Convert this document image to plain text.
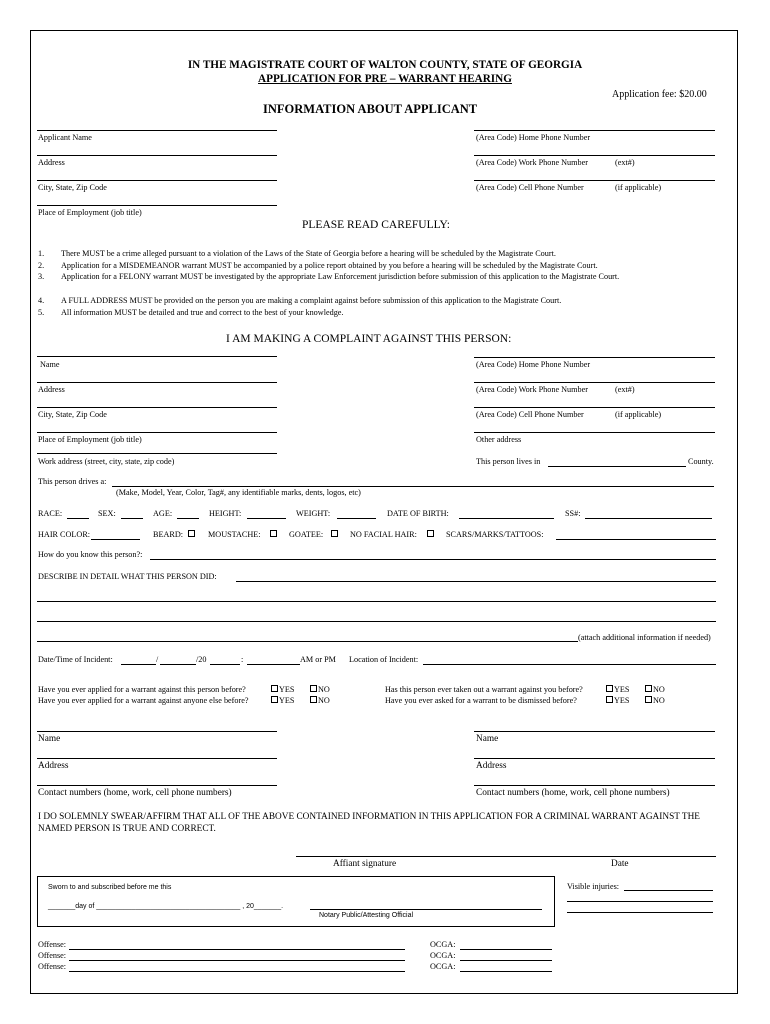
IN THE MAGISTRATE COURT OF WALTON COUNTY, STATE OF GEORGIA
APPLICATION FOR PRE – WARRANT HEARING
Application fee: $20.00
INFORMATION ABOUT APPLICANT
Applicant Name	(Area Code) Home Phone Number
Address	(Area Code) Work Phone Number	(ext#)
City, State, Zip Code	(Area Code) Cell Phone Number	(if applicable)
Place of Employment (job title)
PLEASE READ CAREFULLY:
1. There MUST be a crime alleged pursuant to a violation of the Laws of the State of Georgia before a hearing will be scheduled by the Magistrate Court.
2. Application for a MISDEMEANOR warrant MUST be accompanied by a police report obtained by you before a hearing will be scheduled by the Magistrate Court.
3. Application for a FELONY warrant MUST be investigated by the appropriate Law Enforcement jurisdiction before submission of this application to the Magistrate Court.
4. A FULL ADDRESS MUST be provided on the person you are making a complaint against before submission of this application to the Magistrate Court.
5. All information MUST be detailed and true and correct to the best of your knowledge.
I AM MAKING A COMPLAINT AGAINST THIS PERSON:
Name	(Area Code) Home Phone Number
Address	(Area Code) Work Phone Number	(ext#)
City, State, Zip Code	(Area Code) Cell Phone Number	(if applicable)
Place of Employment (job title)	Other address
Work address (street, city, state, zip code)	This person lives in	County.
This person drives a:
(Make, Model, Year, Color, Tag#, any identifiable marks, dents, logos, etc)
RACE:	SEX:	AGE:	HEIGHT:	WEIGHT:	DATE OF BIRTH:	SS#:
HAIR COLOR:	BEARD:	MOUSTACHE:	GOATEE:	NO FACIAL HAIR:	SCARS/MARKS/TATTOOS:
How do you know this person?:
DESCRIBE IN DETAIL WHAT THIS PERSON DID:
(attach additional information if needed)
Date/Time of Incident:	/	/20	:	AM or PM Location of Incident:
Have you ever applied for a warrant against this person before?	YES	NO
Have you ever applied for a warrant against anyone else before?	YES	NO
Has this person ever taken out a warrant against you before?	YES	NO
Have you ever asked for a warrant to be dismissed before?	YES	NO
Name	Name
Address	Address
Contact numbers (home, work, cell phone numbers)	Contact numbers (home, work, cell phone numbers)
I DO SOLEMNLY SWEAR/AFFIRM THAT ALL OF THE ABOVE CONTAINED INFORMATION IN THIS APPLICATION FOR A CRIMINAL WARRANT AGAINST THE NAMED PERSON IS TRUE AND CORRECT.
Affiant signature	Date
Sworn to and subscribed before me this
_______day of _____________________________________ , 20_______.
Notary Public/Attesting Official
Visible injuries:
Offense:	OCGA:
Offense:	OCGA:
Offense:	OCGA:
